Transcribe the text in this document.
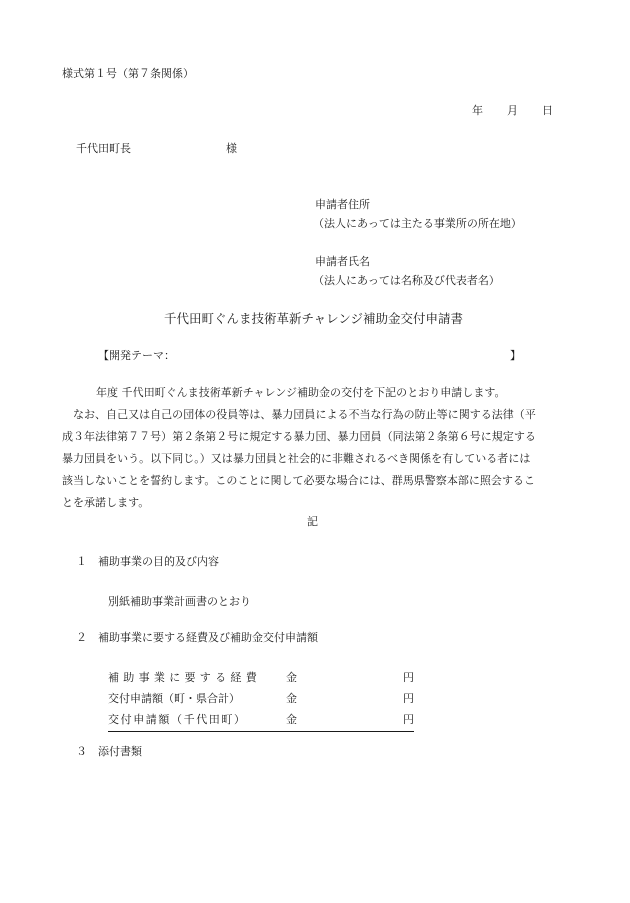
様式第１号（第７条関係）
年 月 日
千代田町長	様
申請者住所
（法人にあっては主たる事業所の所在地）
申請者氏名
（法人にあっては名称及び代表者名）
千代田町ぐんま技術革新チャレンジ補助金交付申請書
【開発テーマ：	】
年度 千代田町ぐんま技術革新チャレンジ補助金の交付を下記のとおり申請します。
なお、自己又は自己の団体の役員等は、暴力団員による不当な行為の防止等に関する法律（平
成３年法律第７７号）第２条第２号に規定する暴力団、暴力団員（同法第２条第６号に規定する
暴力団員をいう。以下同じ。）又は暴力団員と社会的に非難されるべき関係を有している者には
該当しないことを誓約します。このことに関して必要な場合には、群馬県警察本部に照会するこ
とを承諾します。
記
１ 補助事業の目的及び内容
別紙補助事業計画書のとおり
２ 補助事業に要する経費及び補助金交付申請額
補助事業に要する経費 金	円
交付申請額（町・県合計）	金	円
交付申請額（千代田町）	金	円
３ 添付書類
